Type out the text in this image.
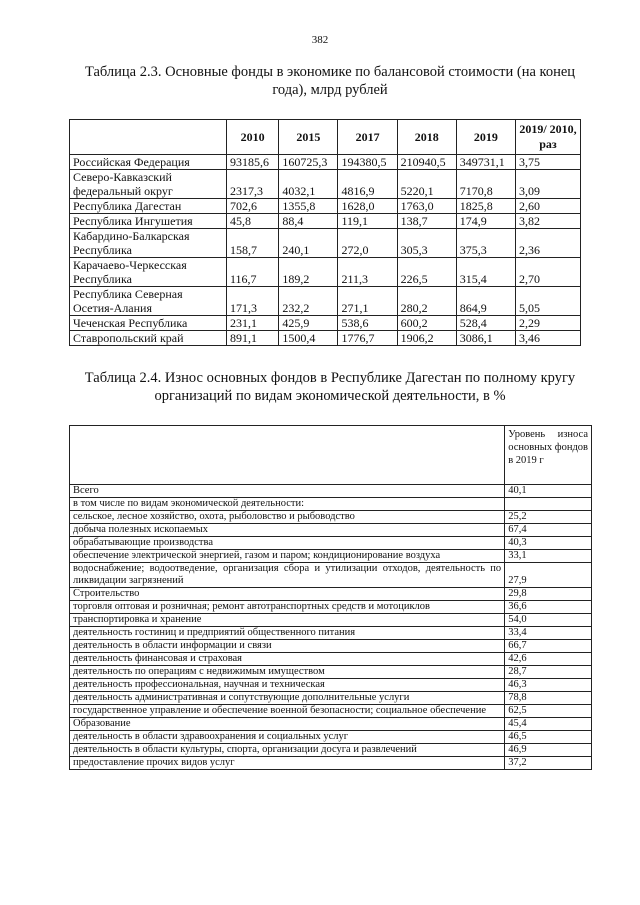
382
Таблица 2.3. Основные фонды в экономике по балансовой стоимости (на конец года), млрд рублей
	2010	2015	2017	2018	2019	2019/ 2010, раз
Российская Федерация	93185,6	160725,3	194380,5	210940,5	349731,1	3,75
Северо-Кавказский федеральный округ	2317,3	4032,1	4816,9	5220,1	7170,8	3,09
Республика Дагестан	702,6	1355,8	1628,0	1763,0	1825,8	2,60
Республика Ингушетия	45,8	88,4	119,1	138,7	174,9	3,82
Кабардино-Балкарская Республика	158,7	240,1	272,0	305,3	375,3	2,36
Карачаево-Черкесская Республика	116,7	189,2	211,3	226,5	315,4	2,70
Республика Северная Осетия-Алания	171,3	232,2	271,1	280,2	864,9	5,05
Чеченская Республика	231,1	425,9	538,6	600,2	528,4	2,29
Ставропольский край	891,1	1500,4	1776,7	1906,2	3086,1	3,46
Таблица 2.4. Износ основных фондов в Республике Дагестан по полному кругу организаций по видам экономической деятельности, в %
	Уровень износа основных фондов в 2019 г
Всего	40,1
в том числе по видам экономической деятельности:	
сельское, лесное хозяйство, охота, рыболовство и рыбоводство	25,2
добыча полезных ископаемых	67,4
обрабатывающие производства	40,3
обеспечение электрической энергией, газом и паром; кондиционирование воздуха	33,1
водоснабжение; водоотведение, организация сбора и утилизации отходов, деятельность по ликвидации загрязнений	27,9
Строительство	29,8
торговля оптовая и розничная; ремонт автотранспортных средств и мотоциклов	36,6
транспортировка и хранение	54,0
деятельность гостиниц и предприятий общественного питания	33,4
деятельность в области информации и связи	66,7
деятельность финансовая и страховая	42,6
деятельность по операциям с недвижимым имуществом	28,7
деятельность профессиональная, научная и техническая	46,3
деятельность административная и сопутствующие дополнительные услуги	78,8
государственное управление и обеспечение военной безопасности; социальное обеспечение	62,5
Образование	45,4
деятельность в области здравоохранения и социальных услуг	46,5
деятельность в области культуры, спорта, организации досуга и развлечений	46,9
предоставление прочих видов услуг	37,2
